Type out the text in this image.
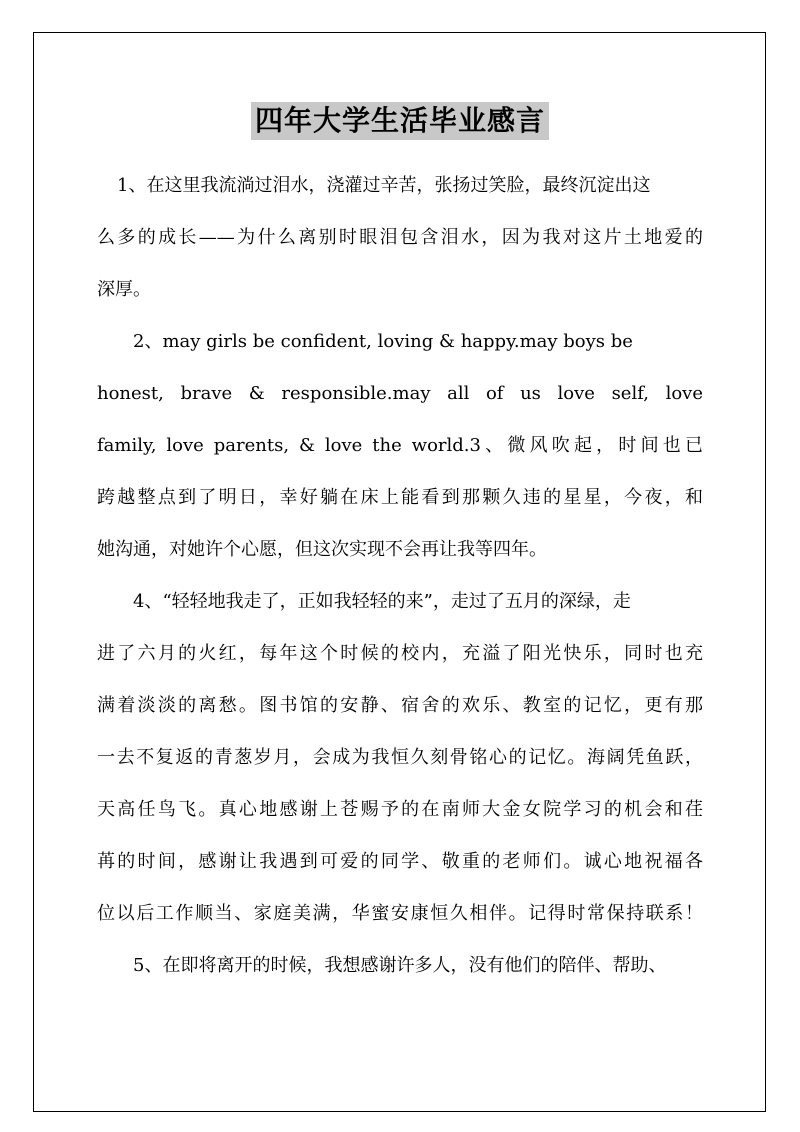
四年大学生活毕业感言
1、在这里我流淌过泪水，浇灌过辛苦，张扬过笑脸，最终沉淀出这
么多的成长——为什么离别时眼泪包含泪水，因为我对这片土地爱的
深厚。
2、may girls be confident, loving & happy.may boys be
honest, brave & responsible.may all of us love self, love
family, love parents, & love the world.3、微风吹起，时间也已
跨越整点到了明日，幸好躺在床上能看到那颗久违的星星，今夜，和
她沟通，对她许个心愿，但这次实现不会再让我等四年。
4、“轻轻地我走了，正如我轻轻的来”，走过了五月的深绿，走
进了六月的火红，每年这个时候的校内，充溢了阳光快乐，同时也充
满着淡淡的离愁。图书馆的安静、宿舍的欢乐、教室的记忆，更有那
一去不复返的青葱岁月，会成为我恒久刻骨铭心的记忆。海阔凭鱼跃，
天高任鸟飞。真心地感谢上苍赐予的在南师大金女院学习的机会和荏
苒的时间，感谢让我遇到可爱的同学、敬重的老师们。诚心地祝福各
位以后工作顺当、家庭美满，华蜜安康恒久相伴。记得时常保持联系！
5、在即将离开的时候，我想感谢许多人，没有他们的陪伴、帮助、
